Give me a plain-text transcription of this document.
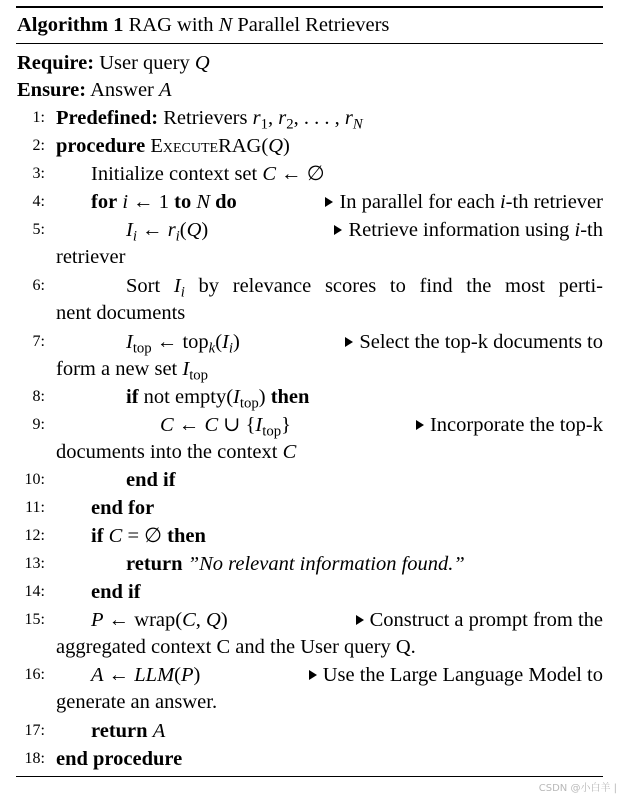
Algorithm 1 RAG with N Parallel Retrievers
Require: User query Q
Ensure: Answer A
1: Predefined: Retrievers $r_1$, $r_2$, . . . , $r_N$
2: procedure ExecuteRAG(Q)
3: Initialize context set C ← ∅
4: for i ← 1 to N do	In parallel for each i-th retriever
5:	$I_i$ ← $r_i(Q)$	Retrieve information using i-th
retriever
6:	Sort $I_i$ by relevance scores to find the most perti-
nent documents
7:	$I_{top}$ ← $top_k(I_i)$	Select the top-k documents to
form a new set $I_{top}$
8:	if not $empty(I_{top})$ then
9:	C ← C ∪ $\{I_{top}\}$	Incorporate the top-k
documents into the context C
10:	end if
11: end for
12: if C = ∅ then
13:	return ”No relevant information found.”
14: end if
15: P ← wrap(C, Q)	Construct a prompt from the
aggregated context C and the User query Q.
16: A ← LLM(P)	Use the Large Language Model to
generate an answer.
17: return A
18: end procedure
CSDN @小白羊 |
